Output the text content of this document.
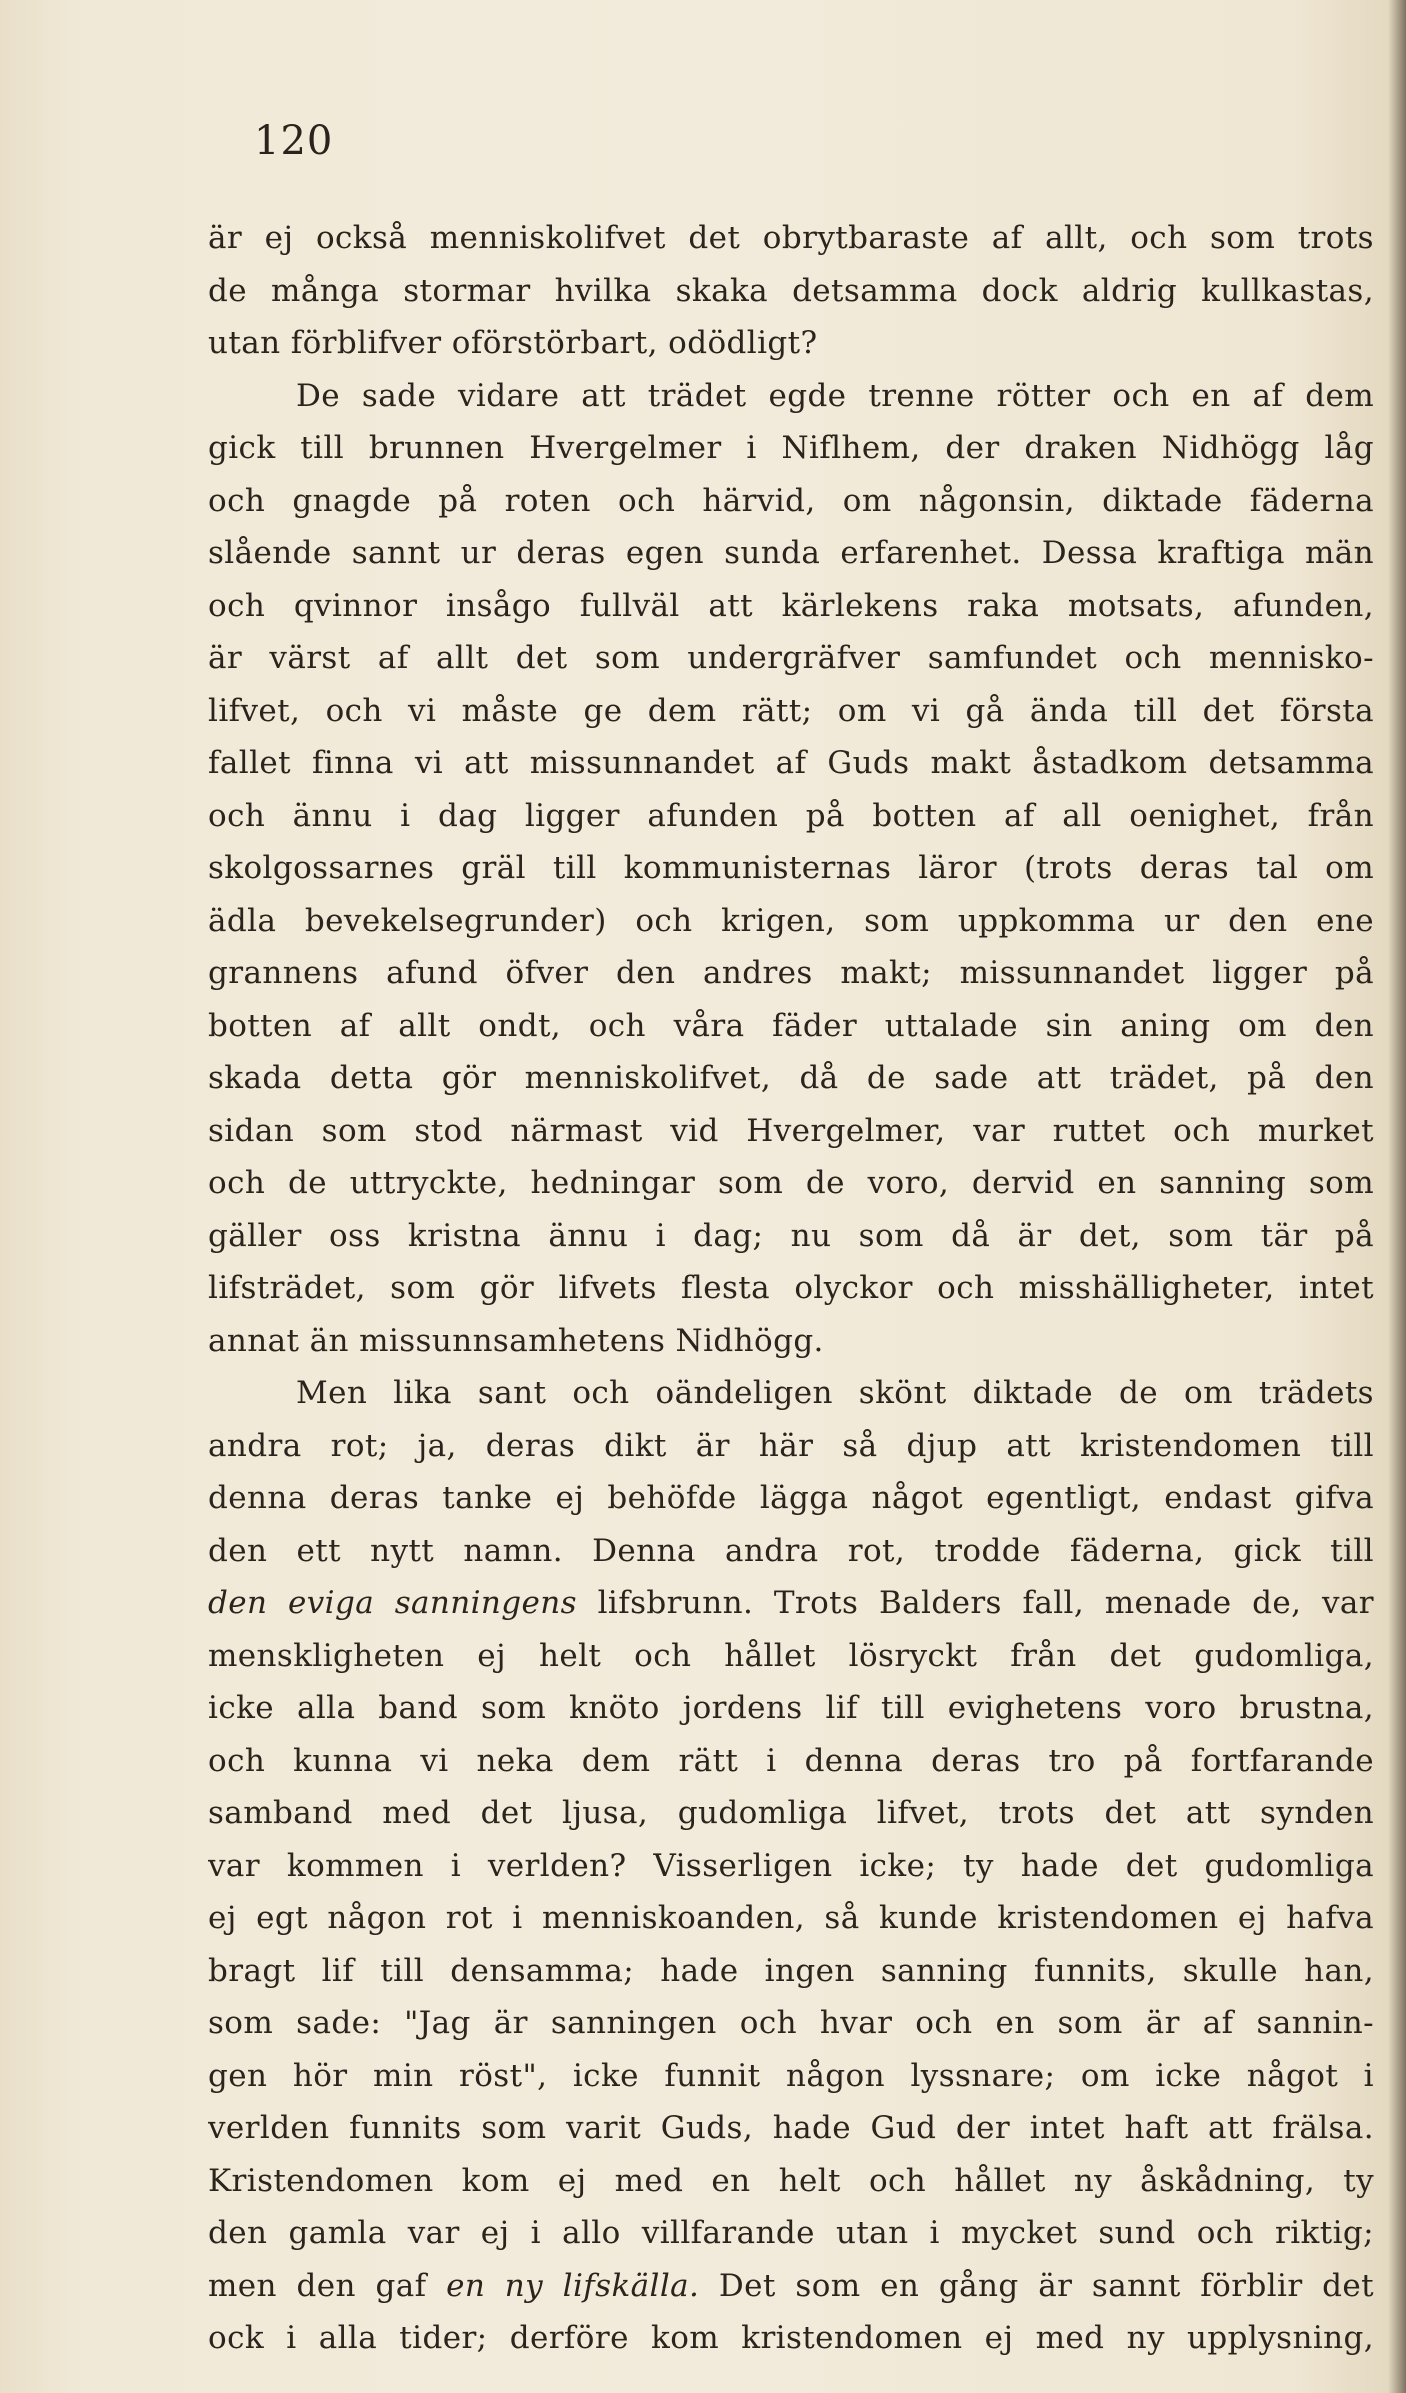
120
är ej också menniskolifvet det obrytbaraste af allt, och som trots
de många stormar hvilka skaka detsamma dock aldrig kullkastas,
utan förblifver oförstörbart, odödligt?
De sade vidare att trädet egde trenne rötter och en af dem
gick till brunnen Hvergelmer i Niflhem, der draken Nidhögg låg
och gnagde på roten och härvid, om någonsin, diktade fäderna
slående sannt ur deras egen sunda erfarenhet. Dessa kraftiga män
och qvinnor insågo fullväl att kärlekens raka motsats, afunden,
är värst af allt det som undergräfver samfundet och mennisko-
lifvet, och vi måste ge dem rätt; om vi gå ända till det första
fallet finna vi att missunnandet af Guds makt åstadkom detsamma
och ännu i dag ligger afunden på botten af all oenighet, från
skolgossarnes gräl till kommunisternas läror (trots deras tal om
ädla bevekelsegrunder) och krigen, som uppkomma ur den ene
grannens afund öfver den andres makt; missunnandet ligger på
botten af allt ondt, och våra fäder uttalade sin aning om den
skada detta gör menniskolifvet, då de sade att trädet, på den
sidan som stod närmast vid Hvergelmer, var ruttet och murket
och de uttryckte, hedningar som de voro, dervid en sanning som
gäller oss kristna ännu i dag; nu som då är det, som tär på
lifsträdet, som gör lifvets flesta olyckor och misshälligheter, intet
annat än missunnsamhetens Nidhögg.
Men lika sant och oändeligen skönt diktade de om trädets
andra rot; ja, deras dikt är här så djup att kristendomen till
denna deras tanke ej behöfde lägga något egentligt, endast gifva
den ett nytt namn. Denna andra rot, trodde fäderna, gick till
den eviga sanningens lifsbrunn. Trots Balders fall, menade de, var
menskligheten ej helt och hållet lösryckt från det gudomliga,
icke alla band som knöto jordens lif till evighetens voro brustna,
och kunna vi neka dem rätt i denna deras tro på fortfarande
samband med det ljusa, gudomliga lifvet, trots det att synden
var kommen i verlden? Visserligen icke; ty hade det gudomliga
ej egt någon rot i menniskoanden, så kunde kristendomen ej hafva
bragt lif till densamma; hade ingen sanning funnits, skulle han,
som sade: "Jag är sanningen och hvar och en som är af sannin-
gen hör min röst", icke funnit någon lyssnare; om icke något i
verlden funnits som varit Guds, hade Gud der intet haft att frälsa.
Kristendomen kom ej med en helt och hållet ny åskådning, ty
den gamla var ej i allo villfarande utan i mycket sund och riktig;
men den gaf en ny lifskälla. Det som en gång är sannt förblir det
ock i alla tider; derföre kom kristendomen ej med ny upplysning,
